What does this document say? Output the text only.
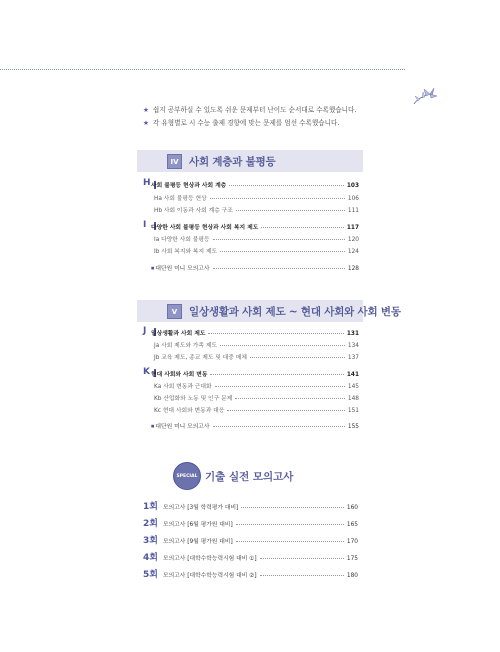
★ 쉽지 공부하실 수 있도록 쉬운 문제부터 난이도 순서대로 수록했습니다.
★ 각 유형별로 시 수능 출제 경향에 맞는 문제를 엄선 수록했습니다.
IV 사회 계층과 불평등
H 사회 불평등 현상과 사회 계층	103
Ha 사회 불평등 현상	106
Hb 사회 이동과 사회 계층 구조	111
I 다양한 사회 불평등 현상과 사회 복지 제도	117
Ia 다양한 사회 불평등	120
Ib 사회 복지와 복지 제도	124
■ 대단원 미니 모의고사	128
V	일상생활과 사회 제도 ~ 현대 사회와 사회 변동
J 일상생활과 사회 제도	131
Ja 사회 제도와 가족 제도	134
Jb 교육 제도, 종교 제도 및 대중 매체	137
K 현대 사회와 사회 변동	141
Ka 사회 변동과 근대화	145
Kb 산업화와 노동 및 인구 문제	148
Kc 현대 사회와 변동과 대응	151
■ 대단원 미니 모의고사	155
SPECIAL 기출 실전 모의고사
1회 모의고사 [3월 학력평가 대비]	160
2회 모의고사 [6월 평가원 대비]	165
3회 모의고사 [9월 평가원 대비]	170
4회 모의고사 [대학수학능력시험 대비 ①]	175
5회 모의고사 [대학수학능력시험 대비 ②]	180
